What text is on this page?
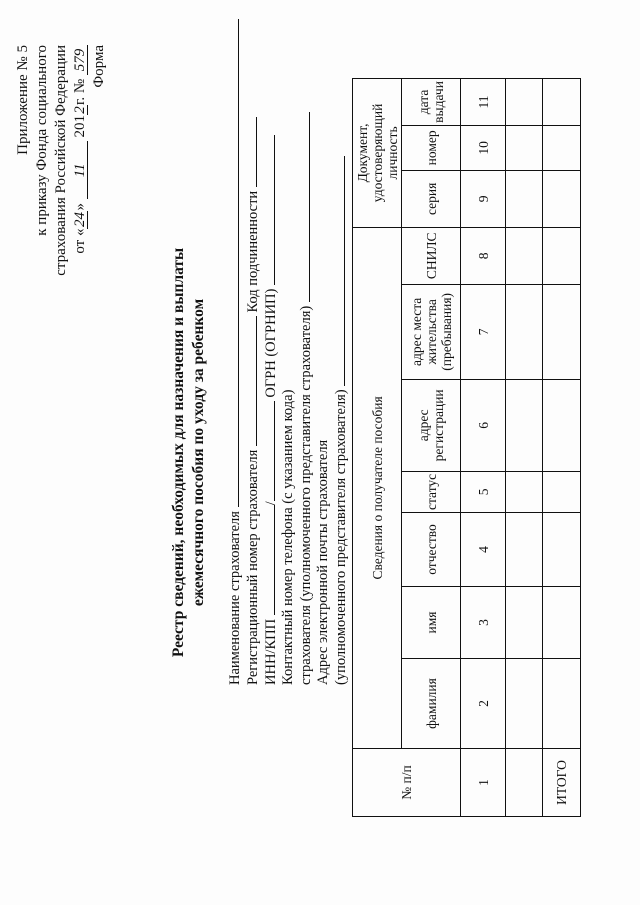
Приложение № 5 к приказу Фонда социального страхования Российской Федерации от «24» 11 2012г. № 579 Форма
Реестр сведений, необходимых для назначения и выплаты ежемесячного пособия по уходу за ребенком Наименование страхователя Регистрационный номер страхователя  Код подчиненности
ИНН/КПП / ОГРН (ОГРНИП)
Контактный номер телефона (с указанием кода) страхователя (уполномоченного представителя страхователя) Адрес электронной почты страхователя (уполномоченного представителя страхователя)
№ п/п	Сведения о получателе пособия							Документ, удостоверяющий личность		
	фамилия	имя	отчество	статус	адрес регистрации	адрес места жительства (пребывания)	СНИЛС	серия	номер	дата выдачи
1	2	3	4	5	6	7	8	9	10	11

ИТОГО										
